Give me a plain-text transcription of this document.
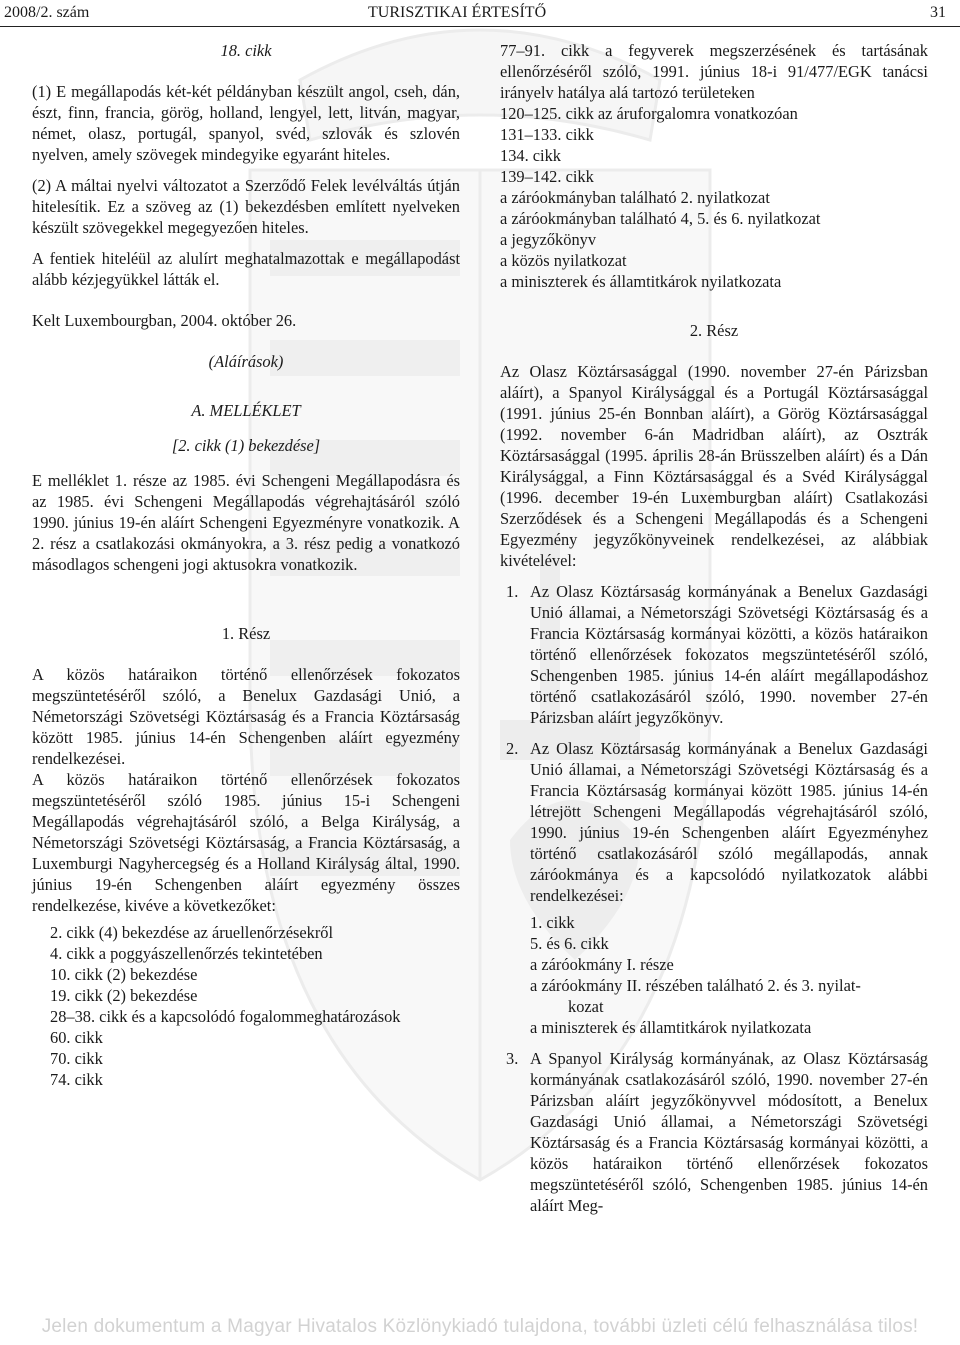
2008/2. szám	TURISZTIKAI ÉRTESÍTŐ	31

18. cikk

(1) E megállapodás két-két példányban készült angol, cseh, dán, észt, finn, francia, görög, holland, lengyel, lett, litván, magyar, német, olasz, portugál, spanyol, svéd, szlovák és szlovén nyelven, amely szövegek mindegyike egyaránt hiteles.

(2) A máltai nyelvi változatot a Szerződő Felek levélváltás útján hitelesítik. Ez a szöveg az (1) bekezdésben említett nyelveken készült szövegekkel megegyezően hiteles.

A fentiek hiteléül az alulírt meghatalmazottak e megállapodást alább kézjegyükkel látták el.

Kelt Luxembourgban, 2004. október 26.

(Aláírások)

A. MELLÉKLET

[2. cikk (1) bekezdése]

E melléklet 1. része az 1985. évi Schengeni Megállapodásra és az 1985. évi Schengeni Megállapodás végrehajtásáról szóló 1990. június 19-én aláírt Schengeni Egyezményre vonatkozik. A 2. rész a csatlakozási okmányokra, a 3. rész pedig a vonatkozó másodlagos schengeni jogi aktusokra vonatkozik.

1. Rész

A közös határaikon történő ellenőrzések fokozatos megszüntetéséről szóló, a Benelux Gazdasági Unió, a Németországi Szövetségi Köztársaság és a Francia Köztársaság között 1985. június 14-én Schengenben aláírt egyezmény rendelkezései.

A közös határaikon történő ellenőrzések fokozatos megszüntetéséről szóló 1985. június 15-i Schengeni Megállapodás végrehajtásáról szóló, a Belga Királyság, a Németországi Szövetségi Köztársaság, a Francia Köztársaság, a Luxemburgi Nagyhercegség és a Holland Királyság által, 1990. június 19-én Schengenben aláírt egyezmény összes rendelkezése, kivéve a következőket:

2. cikk (4) bekezdése az áruellenőrzésekről

4. cikk a poggyászellenőrzés tekintetében

10. cikk (2) bekezdése

19. cikk (2) bekezdése

28–38. cikk és a kapcsolódó fogalommeghatározások

60. cikk

70. cikk

74. cikk

77–91. cikk a fegyverek megszerzésének és tartásának ellenőrzéséről szóló, 1991. június 18-i 91/477/EGK tanácsi irányelv hatálya alá tartozó területeken

120–125. cikk az áruforgalomra vonatkozóan

131–133. cikk

134. cikk

139–142. cikk

a záróokmányban található 2. nyilatkozat

a záróokmányban található 4, 5. és 6. nyilatkozat

a jegyzőkönyv

a közös nyilatkozat

a miniszterek és államtitkárok nyilatkozata

2. Rész

Az Olasz Köztársasággal (1990. november 27-én Párizsban aláírt), a Spanyol Királysággal és a Portugál Köztársasággal (1991. június 25-én Bonnban aláírt), a Görög Köztársasággal (1992. november 6-án Madridban aláírt), az Osztrák Köztársasággal (1995. április 28-án Brüsszelben aláírt) és a Dán Királysággal, a Finn Köztársasággal és a Svéd Királysággal (1996. december 19-én Luxemburgban aláírt) Csatlakozási Szerződések és a Schengeni Megállapodás és a Schengeni Egyezmény jegyzőkönyveinek rendelkezései, az alábbiak kivételével:

1. Az Olasz Köztársaság kormányának a Benelux Gazdasági Unió államai, a Németországi Szövetségi Köztársaság és a Francia Köztársaság kormányai közötti, a közös határaikon történő ellenőrzések fokozatos megszüntetéséről szóló, Schengenben 1985. június 14-én aláírt megállapodáshoz történő csatlakozásáról szóló, 1990. november 27-én Párizsban aláírt jegyzőkönyv.
2. Az Olasz Köztársaság kormányának a Benelux Gazdasági Unió államai, a Németországi Szövetségi Köztársaság és a Francia Köztársaság kormányai között 1985. június 14-én létrejött Schengeni Megállapodás végrehajtásáról szóló, 1990. június 19-én Schengenben aláírt Egyezményhez történő csatlakozásáról szóló megállapodás, annak záróokmánya és a kapcsolódó nyilatkozatok alábbi rendelkezései:

1. cikk

5. és 6. cikk

a záróokmány I. része

a záróokmány II. részében található 2. és 3. nyilat-

kozat

a miniszterek és államtitkárok nyilatkozata

3. A Spanyol Királyság kormányának, az Olasz Köztársaság kormányának csatlakozásáról szóló, 1990. november 27-én Párizsban aláírt jegyzőkönyvvel módosított, a Benelux Gazdasági Unió államai, a Németországi Szövetségi Köztársaság és a Francia Köztársaság kormányai közötti, a közös határaikon történő ellenőrzések fokozatos megszüntetéséről szóló, Schengenben 1985. június 14-én aláírt Meg-
Jelen dokumentum a Magyar Hivatalos Közlönykiadó tulajdona, további üzleti célú felhasználása tilos!
